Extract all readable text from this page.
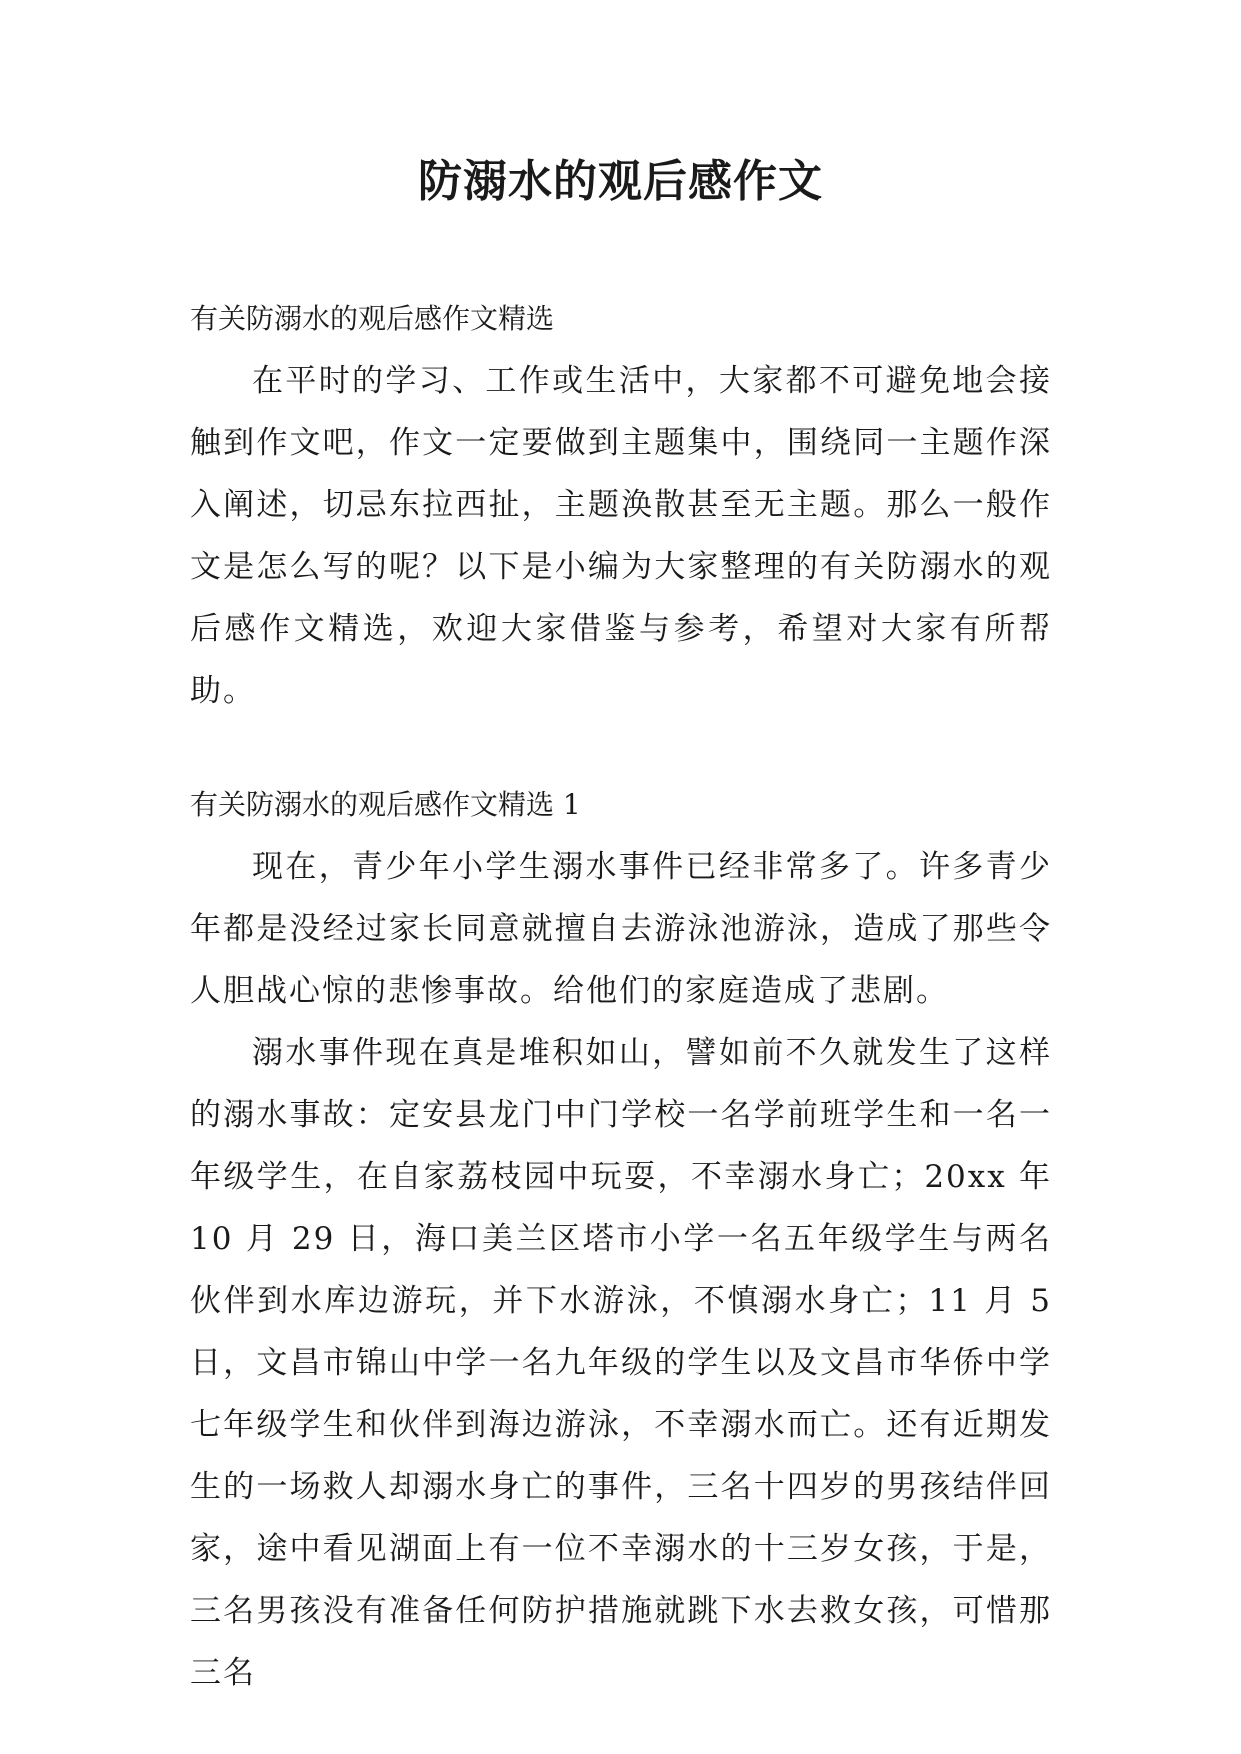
防溺水的观后感作文

有关防溺水的观后感作文精选

在平时的学习、工作或生活中，大家都不可避免地会接触到作文吧，作文一定要做到主题集中，围绕同一主题作深入阐述，切忌东拉西扯，主题涣散甚至无主题。那么一般作文是怎么写的呢？以下是小编为大家整理的有关防溺水的观后感作文精选，欢迎大家借鉴与参考，希望对大家有所帮助。

有关防溺水的观后感作文精选 1

现在，青少年小学生溺水事件已经非常多了。许多青少年都是没经过家长同意就擅自去游泳池游泳，造成了那些令人胆战心惊的悲惨事故。给他们的家庭造成了悲剧。

溺水事件现在真是堆积如山，譬如前不久就发生了这样的溺水事故：定安县龙门中门学校一名学前班学生和一名一年级学生，在自家荔枝园中玩耍，不幸溺水身亡；20xx 年 10 月 29 日，海口美兰区塔市小学一名五年级学生与两名伙伴到水库边游玩，并下水游泳，不慎溺水身亡；11 月 5 日，文昌市锦山中学一名九年级的学生以及文昌市华侨中学七年级学生和伙伴到海边游泳，不幸溺水而亡。还有近期发生的一场救人却溺水身亡的事件，三名十四岁的男孩结伴回家，途中看见湖面上有一位不幸溺水的十三岁女孩，于是，三名男孩没有准备任何防护措施就跳下水去救女孩，可惜那三名
